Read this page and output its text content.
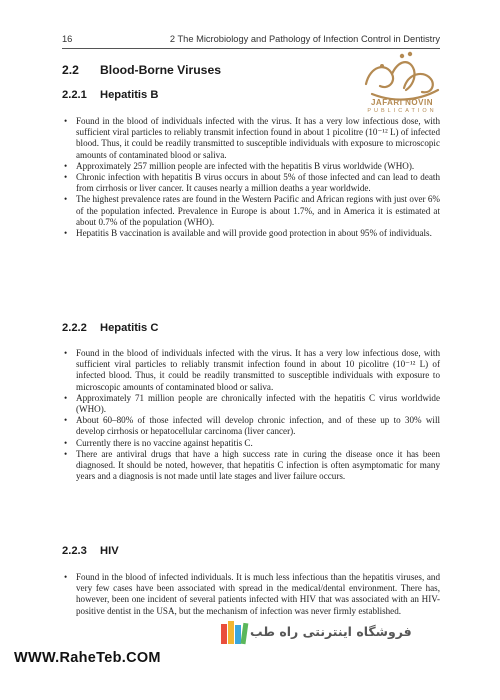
16	2 The Microbiology and Pathology of Infection Control in Dentistry
JAFARI NOVIN
PUBLICATION
2.2 Blood-Borne Viruses
2.2.1 Hepatitis B
• Found in the blood of individuals infected with the virus. It has a very low infectious dose, with sufficient viral particles to reliably transmit infection found in about 1 picolitre (10⁻¹² L) of infected blood. Thus, it could be readily transmitted to susceptible individuals with exposure to microscopic amounts of contaminated blood or saliva.
• Approximately 257 million people are infected with the hepatitis B virus worldwide (WHO).
• Chronic infection with hepatitis B virus occurs in about 5% of those infected and can lead to death from cirrhosis or liver cancer. It causes nearly a million deaths a year worldwide.
• The highest prevalence rates are found in the Western Pacific and African regions with just over 6% of the population infected. Prevalence in Europe is about 1.7%, and in America it is estimated at about 0.7% of the population (WHO).
• Hepatitis B vaccination is available and will provide good protection in about 95% of individuals.
2.2.2 Hepatitis C
• Found in the blood of individuals infected with the virus. It has a very low infectious dose, with sufficient viral particles to reliably transmit infection found in about 10 picolitre (10⁻¹² L) of infected blood. Thus, it could be readily transmitted to susceptible individuals with exposure to microscopic amounts of contaminated blood or saliva.
• Approximately 71 million people are chronically infected with the hepatitis C virus worldwide (WHO).
• About 60–80% of those infected will develop chronic infection, and of these up to 30% will develop cirrhosis or hepatocellular carcinoma (liver cancer).
• Currently there is no vaccine against hepatitis C.
• There are antiviral drugs that have a high success rate in curing the disease once it has been diagnosed. It should be noted, however, that hepatitis C infection is often asymptomatic for many years and a diagnosis is not made until late stages and liver failure occurs.
2.2.3 HIV
• Found in the blood of infected individuals. It is much less infectious than the hepatitis viruses, and very few cases have been associated with spread in the medical/dental environment. There has, however, been one incident of several patients infected with HIV that was associated with an HIV-positive dentist in the USA, but the mechanism of infection was never firmly established.
فروشگاه اینترنتی راه طب
WWW.RaheTeb.COM
